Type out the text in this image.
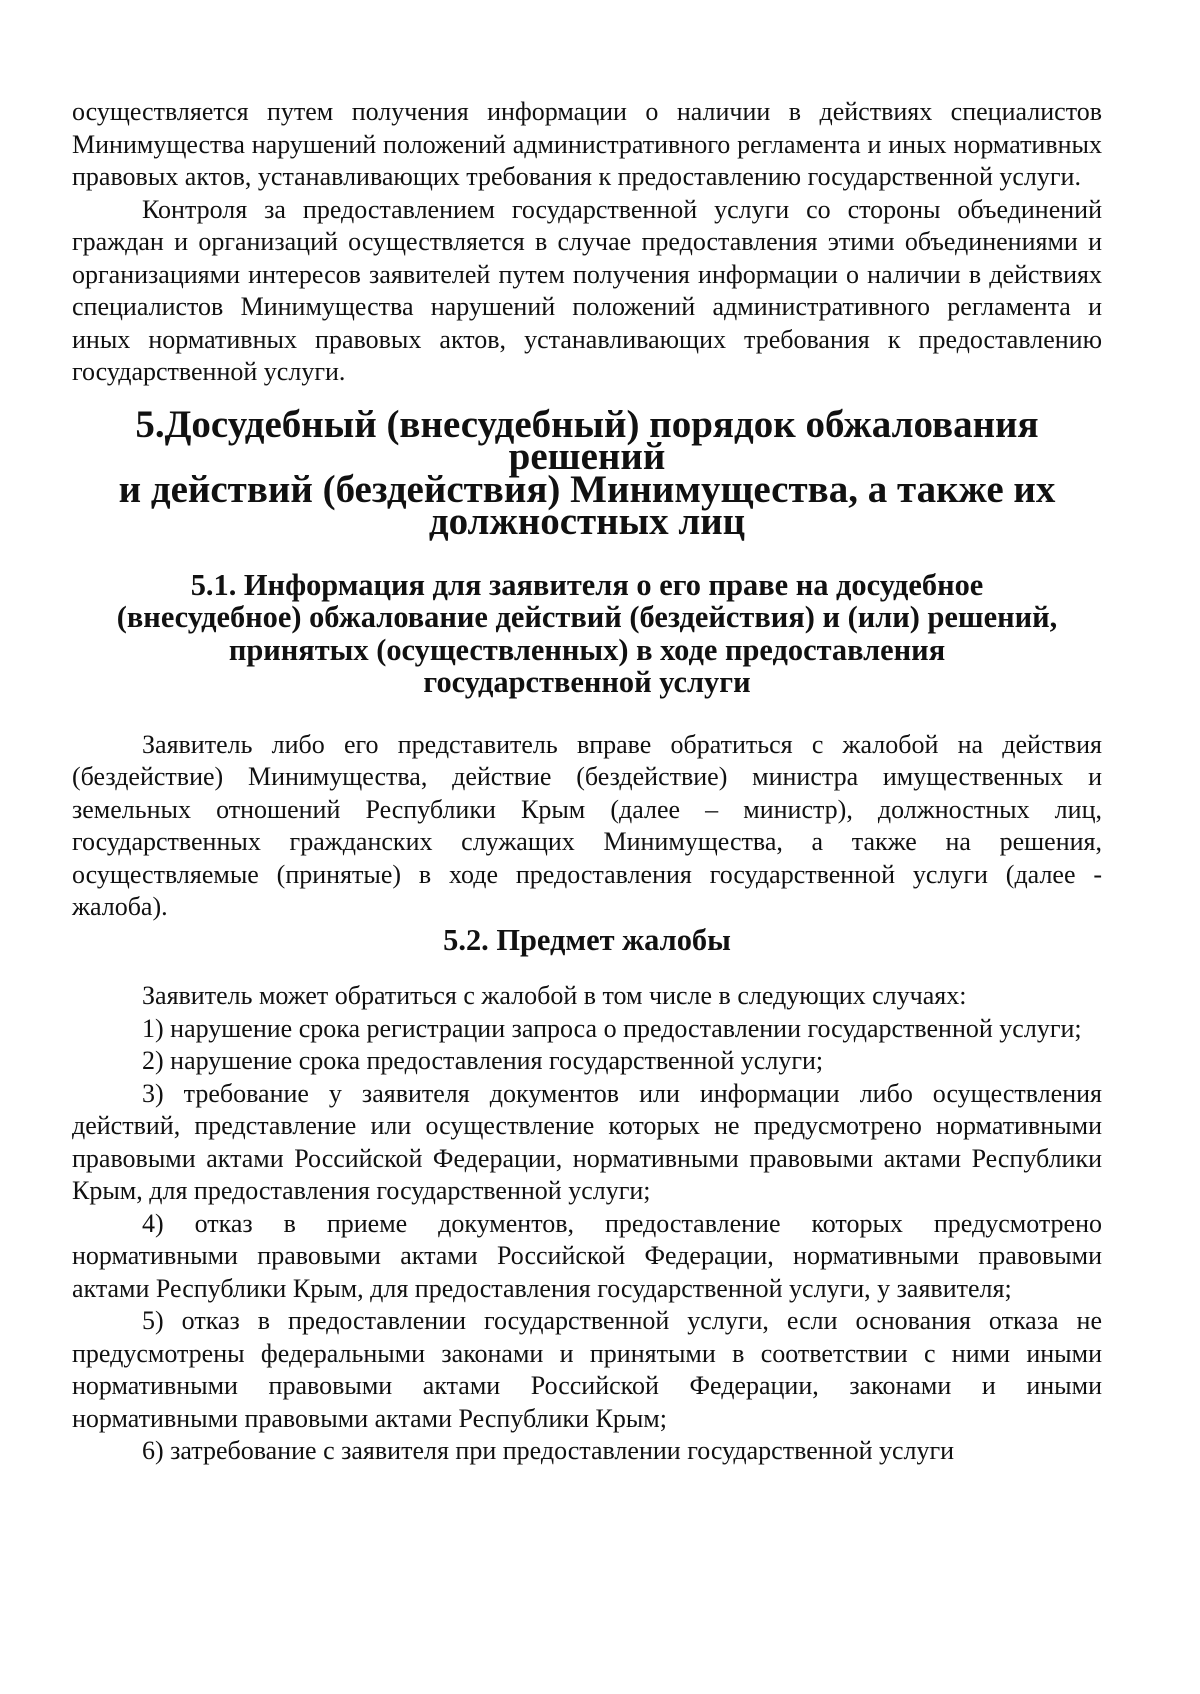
осуществляется путем получения информации о наличии в действиях специалистов Минимущества нарушений положений административного регламента и иных нормативных правовых актов, устанавливающих требования к предоставлению государственной услуги.

Контроля за предоставлением государственной услуги со стороны объединений граждан и организаций осуществляется в случае предоставления этими объединениями и организациями интересов заявителей путем получения информации о наличии в действиях специалистов Минимущества нарушений положений административного регламента и иных нормативных правовых актов, устанавливающих требования к предоставлению государственной услуги.

5.Досудебный (внесудебный) порядок обжалования решений
и действий (бездействия) Минимущества, а также их
должностных лиц
5.1. Информация для заявителя о его праве на досудебное
(внесудебное) обжалование действий (бездействия) и (или) решений,
принятых (осуществленных) в ходе предоставления
государственной услуги

Заявитель либо его представитель вправе обратиться с жалобой на действия (бездействие) Минимущества, действие (бездействие) министра имущественных и земельных отношений Республики Крым (далее – министр), должностных лиц, государственных гражданских служащих Минимущества, а также на решения, осуществляемые (принятые) в ходе предоставления государственной услуги (далее - жалоба).

5.2. Предмет жалобы

Заявитель может обратиться с жалобой в том числе в следующих случаях:

1) нарушение срока регистрации запроса о предоставлении государственной услуги;

2) нарушение срока предоставления государственной услуги;

3) требование у заявителя документов или информации либо осуществления действий, представление или осуществление которых не предусмотрено нормативными правовыми актами Российской Федерации, нормативными правовыми актами Республики Крым, для предоставления государственной услуги;

4) отказ в приеме документов, предоставление которых предусмотрено нормативными правовыми актами Российской Федерации, нормативными правовыми актами Республики Крым, для предоставления государственной услуги, у заявителя;

5) отказ в предоставлении государственной услуги, если основания отказа не предусмотрены федеральными законами и принятыми в соответствии с ними иными нормативными правовыми актами Российской Федерации, законами и иными нормативными правовыми актами Республики Крым;

6) затребование с заявителя при предоставлении государственной услуги
